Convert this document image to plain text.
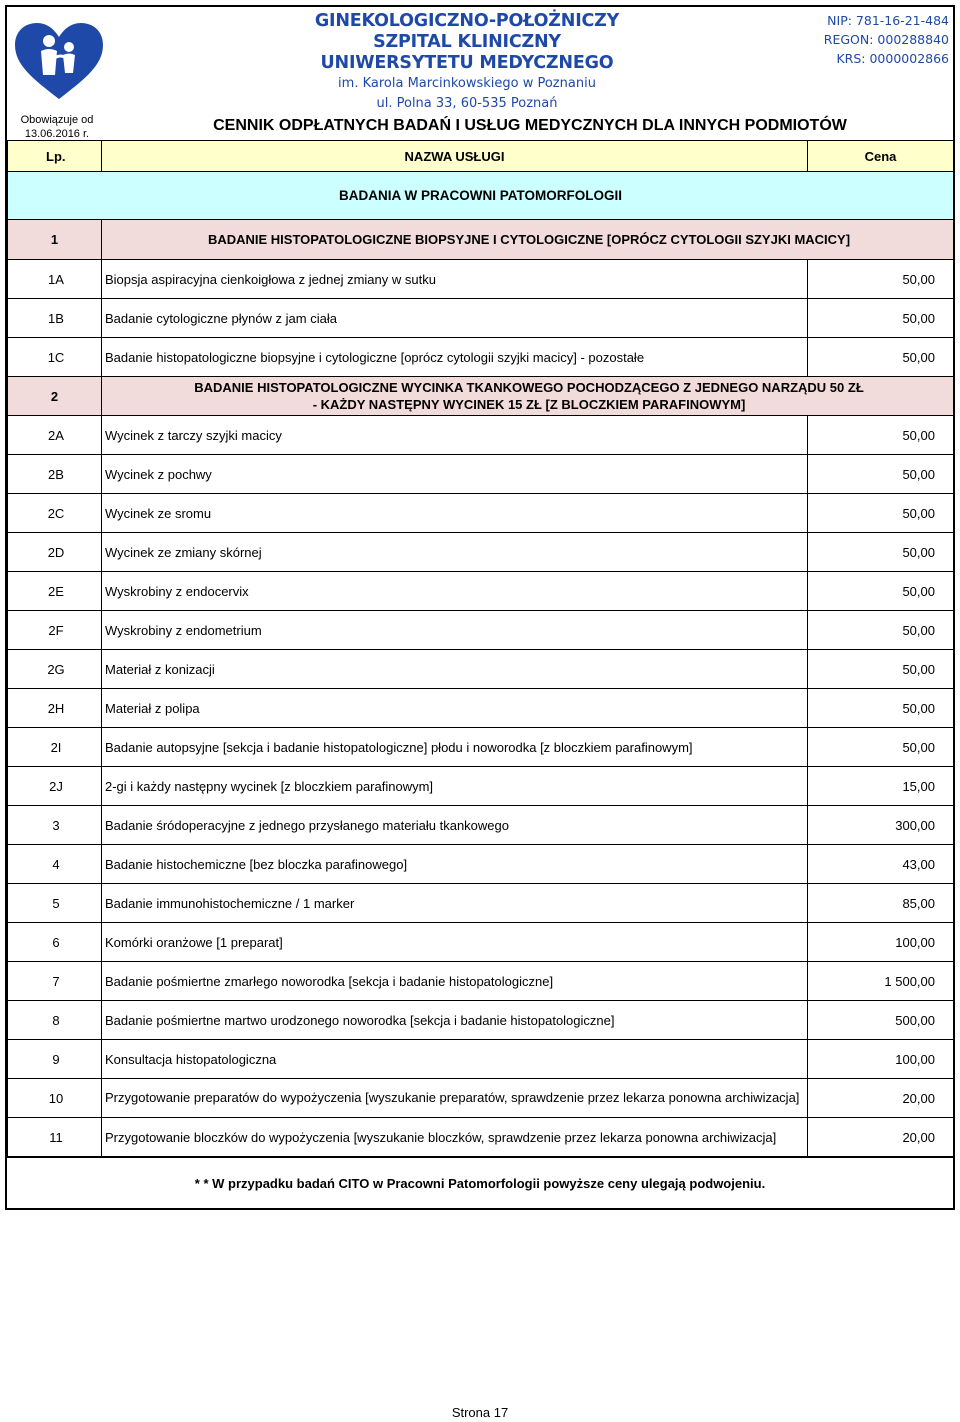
Obowiązuje od
13.06.2016 r.
GINEKOLOGICZNO-POŁOŻNICZY
SZPITAL KLINICZNY
UNIWERSYTETU MEDYCZNEGO
im. Karola Marcinkowskiego w Poznaniu
ul. Polna 33, 60-535 Poznań
NIP: 781-16-21-484
REGON: 000288840
KRS: 0000002866
CENNIK ODPŁATNYCH BADAŃ I USŁUG MEDYCZNYCH DLA INNYCH PODMIOTÓW
Lp.	NAZWA USŁUGI	Cena
BADANIA W PRACOWNI PATOMORFOLOGII		
1	BADANIE HISTOPATOLOGICZNE BIOPSYJNE I CYTOLOGICZNE [OPRÓCZ CYTOLOGII SZYJKI MACICY]	
1A	Biopsja aspiracyjna cienkoigłowa z jednej zmiany w sutku	50,00
1B	Badanie cytologiczne płynów z jam ciała	50,00
1C	Badanie histopatologiczne biopsyjne i cytologiczne [oprócz cytologii szyjki macicy] - pozostałe	50,00
2	BADANIE HISTOPATOLOGICZNE WYCINKA TKANKOWEGO POCHODZĄCEGO Z JEDNEGO NARZĄDU 50 ZŁ
- KAŻDY NASTĘPNY WYCINEK 15 ZŁ [Z BLOCZKIEM PARAFINOWYM]	

2A	Wycinek z tarczy szyjki macicy	50,00
2B	Wycinek z pochwy	50,00
2C	Wycinek ze sromu	50,00
2D	Wycinek ze zmiany skórnej	50,00
2E	Wyskrobiny z endocervix	50,00
2F	Wyskrobiny z endometrium	50,00
2G	Materiał z konizacji	50,00
2H	Materiał z polipa	50,00
2I	Badanie autopsyjne [sekcja i badanie histopatologiczne] płodu i noworodka [z bloczkiem parafinowym]	50,00
2J	2-gi i każdy następny wycinek [z bloczkiem parafinowym]	15,00
3	Badanie śródoperacyjne z jednego przysłanego materiału tkankowego	300,00
4	Badanie histochemiczne [bez bloczka parafinowego]	43,00
5	Badanie immunohistochemiczne / 1 marker	85,00
6	Komórki oranżowe [1 preparat]	100,00
7	Badanie pośmiertne zmarłego noworodka [sekcja i badanie histopatologiczne]	1 500,00
8	Badanie pośmiertne martwo urodzonego noworodka [sekcja i badanie histopatologiczne]	500,00
9	Konsultacja histopatologiczna	100,00
10	Przygotowanie preparatów do wypożyczenia [wyszukanie preparatów, sprawdzenie przez lekarza ponowna archiwizacja]	20,00
11	Przygotowanie bloczków do wypożyczenia [wyszukanie bloczków, sprawdzenie przez lekarza ponowna archiwizacja]	20,00
* * W przypadku badań CITO w Pracowni Patomorfologii powyższe ceny ulegają podwojeniu.
Strona 17
